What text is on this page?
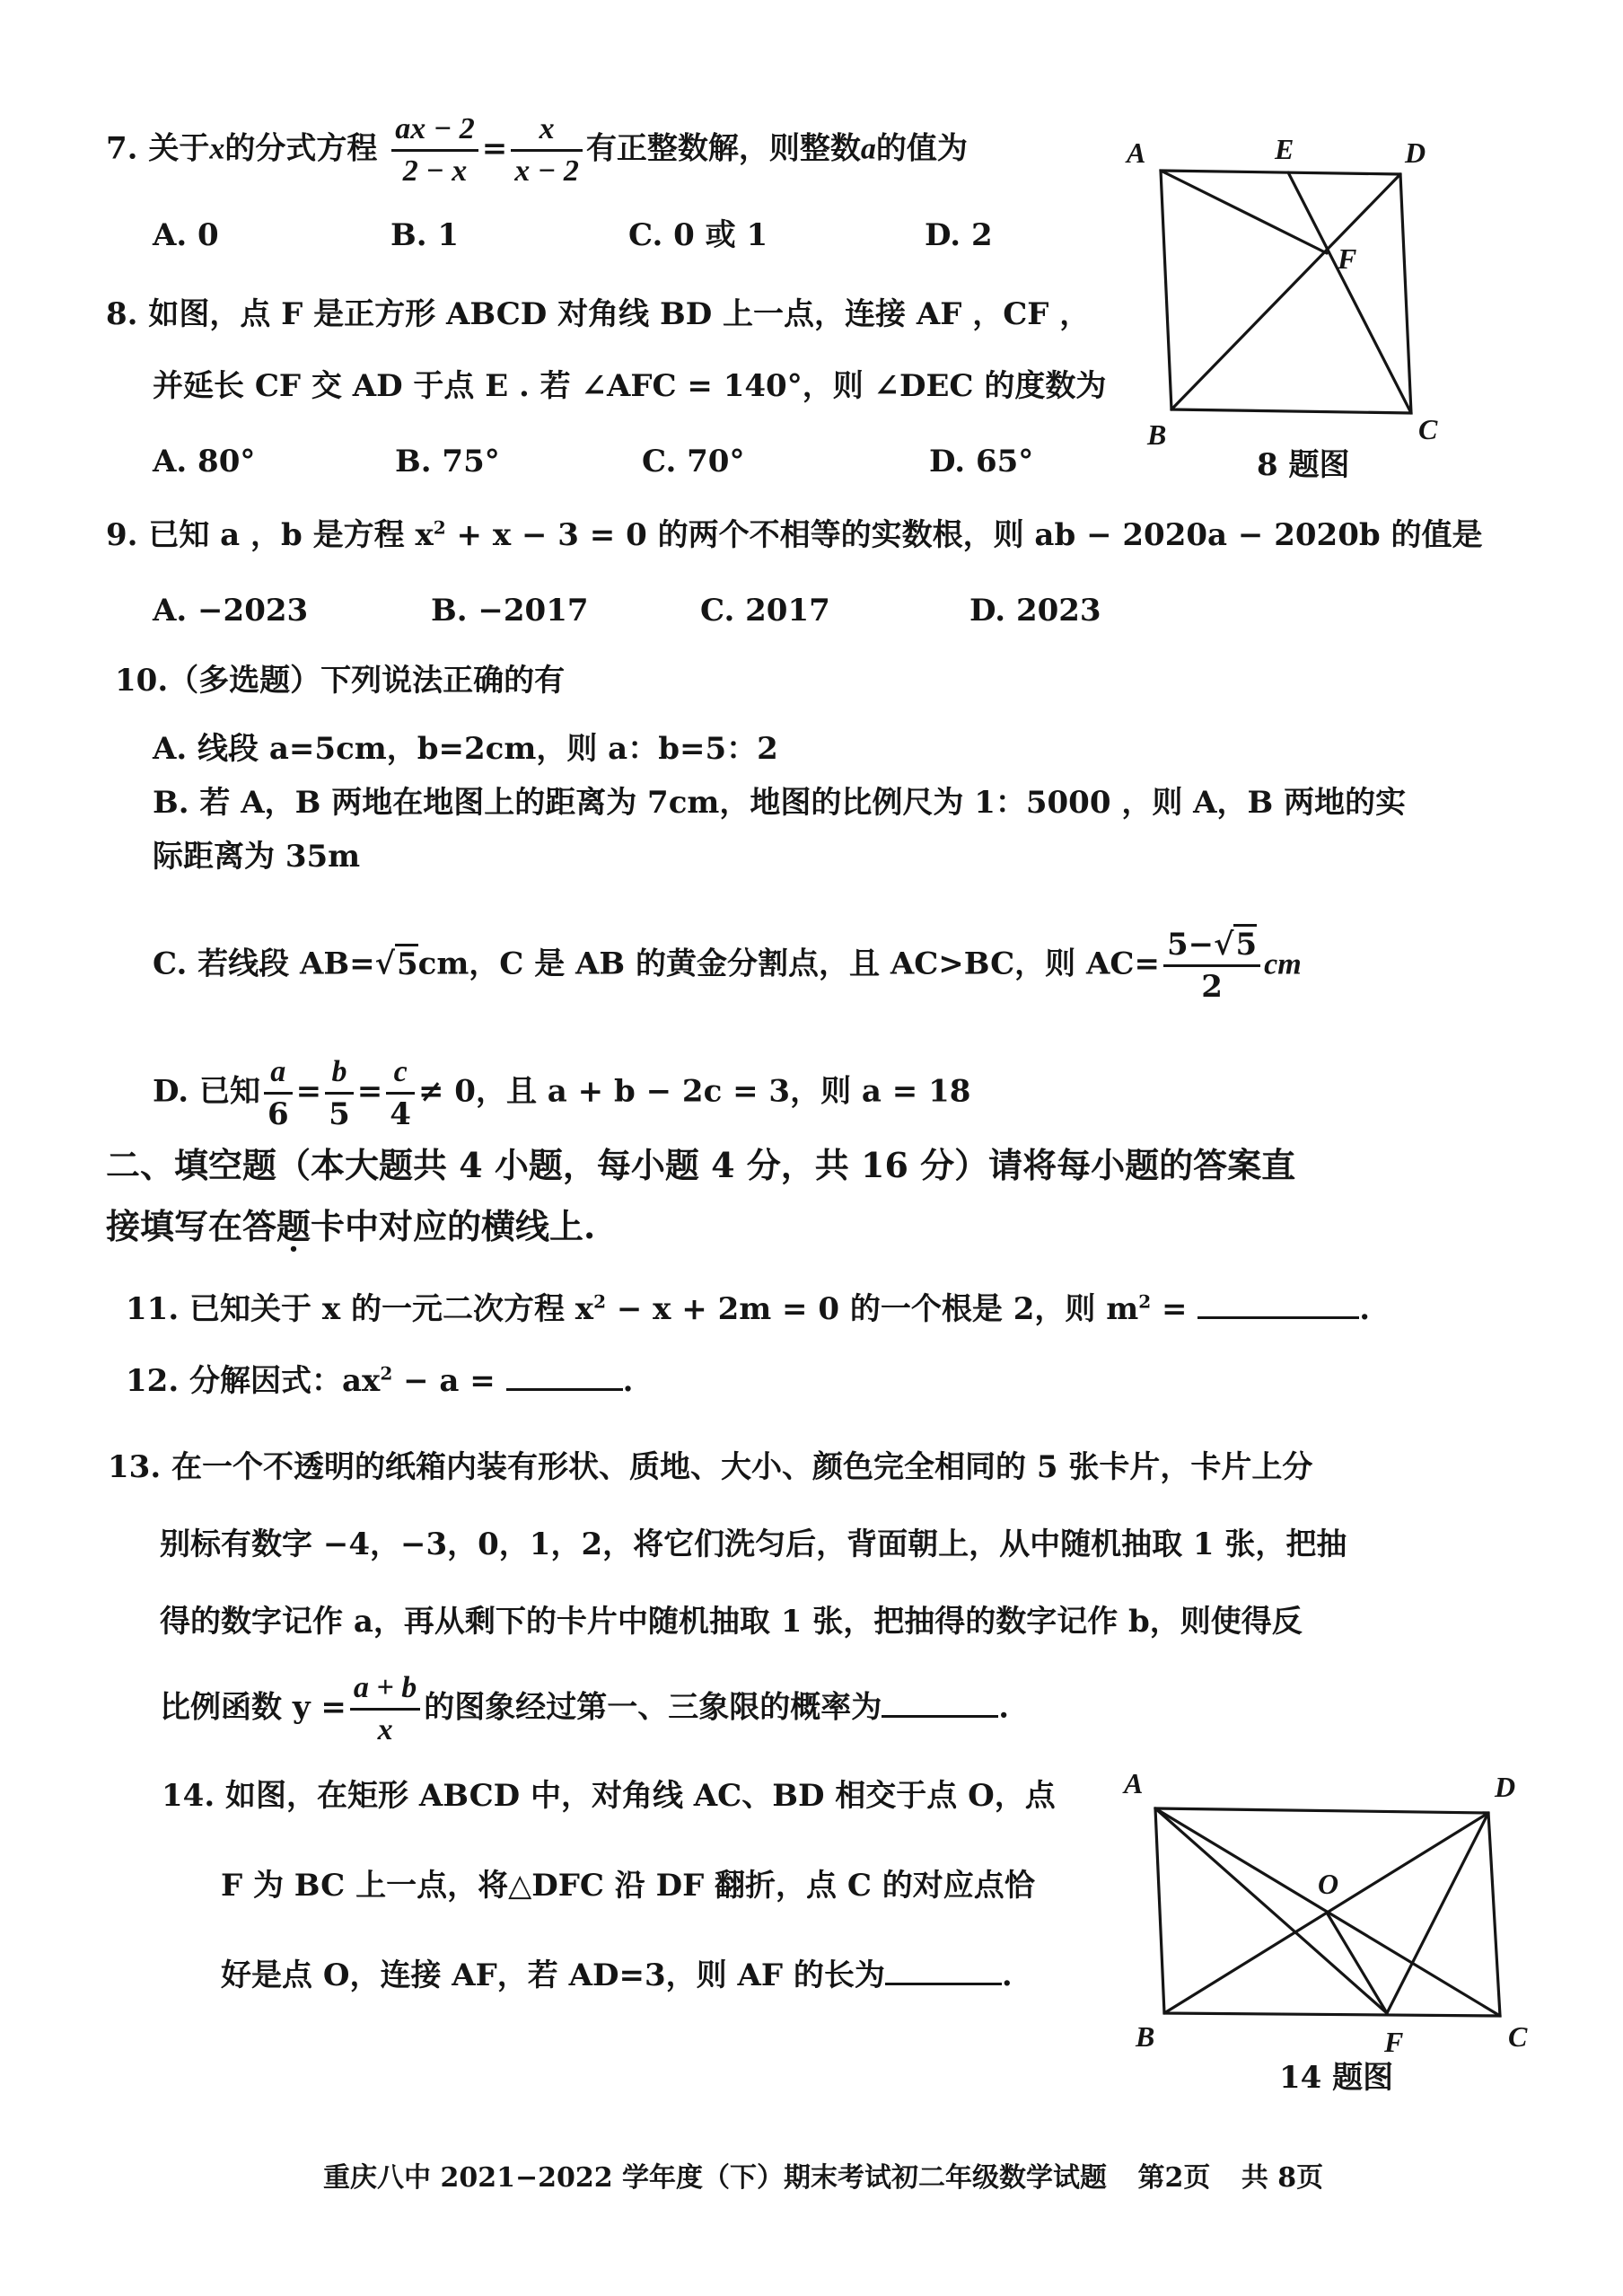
7. 关于x的分式方程 $\frac{ax - 2}{2 - x} = \frac{x}{x - 2}$ 有正整数解，则整数a的值为
A. 0	B. 1	C. 0 或 1	D. 2
8. 如图，点 F 是正方形 ABCD 对角线 BD 上一点，连接 AF ，CF ，
并延长 CF 交 AD 于点 E . 若 ∠AFC = 140°，则 ∠DEC 的度数为
A. 80°	B. 75°	C. 70°	D. 65°
A	E	D
F
B	C
8 题图
9. 已知 a ，b 是方程 $x^2 + x - 3 = 0$ 的两个不相等的实数根，则 ab − 2020a − 2020b 的值是
A. −2023	B. −2017	C. 2017	D. 2023
10.（多选题）下列说法正确的有
A. 线段 a=5cm，b=2cm，则 a：b=5：2
B. 若 A，B 两地在地图上的距离为 7cm，地图的比例尺为 1：5000 ，则 A，B 两地的实
际距离为 35m
C. 若线段 AB=√5cm，C 是 AB 的黄金分割点，且 AC>BC，则 $AC= \frac{5-√5}{2}$ cm
D. 已知 $\frac{a}{6} = \frac{b}{5} = \frac{c}{4} \ne 0$，且 a + b − 2c = 3，则 a = 18
二、填空题（本大题共 4 小题，每小题 4 分，共 16 分）请将每小题的答案直
接填写在答题卡中对应的横线上.
11. 已知关于 x 的一元二次方程 $x^2 - x + 2m = 0$ 的一个根是 2，则 $m^2$ =	.
12. 分解因式：$ax^2 - a$ =	.
13. 在一个不透明的纸箱内装有形状、质地、大小、颜色完全相同的 5 张卡片，卡片上分
别标有数字 −4，−3，0，1，2，将它们洗匀后，背面朝上，从中随机抽取 1 张，把抽
得的数字记作 a，再从剩下的卡片中随机抽取 1 张，把抽得的数字记作 b，则使得反
比例函数 $y = \frac{a + b}{x}$ 的图象经过第一、三象限的概率为	.
14. 如图，在矩形 ABCD 中，对角线 AC、BD 相交于点 O，点
F 为 BC 上一点，将△DFC 沿 DF 翻折，点 C 的对应点恰
好是点 O，连接 AF，若 AD=3，则 AF 的长为	.
A	D
O
B	F	C
14 题图
重庆八中 2021−2022 学年度（下）期末考试初二年级数学试题 第2页 共 8页
